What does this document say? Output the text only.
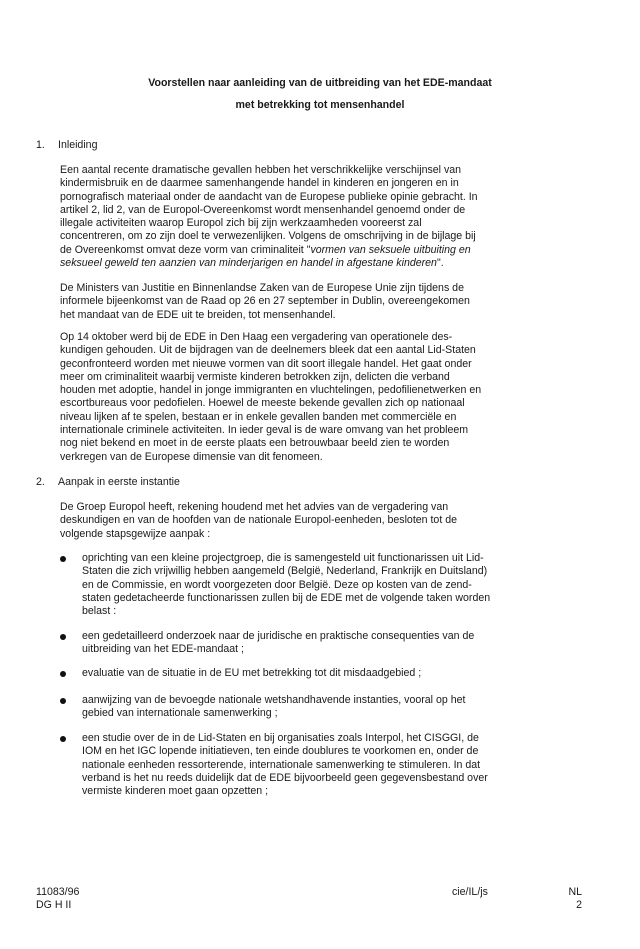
Voorstellen naar aanleiding van de uitbreiding van het EDE-mandaat
met betrekking tot mensenhandel
1. Inleiding
Een aantal recente dramatische gevallen hebben het verschrikkelijke verschijnsel van
kindermisbruik en de daarmee samenhangende handel in kinderen en jongeren en in
pornografisch materiaal onder de aandacht van de Europese publieke opinie gebracht. In
artikel 2, lid 2, van de Europol-Overeenkomst wordt mensenhandel genoemd onder de
illegale activiteiten waarop Europol zich bij zijn werkzaamheden vooreerst zal
concentreren, om zo zijn doel te verwezenlijken. Volgens de omschrijving in de bijlage bij
de Overeenkomst omvat deze vorm van criminaliteit "vormen van seksuele uitbuiting en
seksueel geweld ten aanzien van minderjarigen en handel in afgestane kinderen".
De Ministers van Justitie en Binnenlandse Zaken van de Europese Unie zijn tijdens de
informele bijeenkomst van de Raad op 26 en 27 september in Dublin, overeengekomen
het mandaat van de EDE uit te breiden, tot mensenhandel.
Op 14 oktober werd bij de EDE in Den Haag een vergadering van operationele des-
kundigen gehouden. Uit de bijdragen van de deelnemers bleek dat een aantal Lid-Staten
geconfronteerd worden met nieuwe vormen van dit soort illegale handel. Het gaat onder
meer om criminaliteit waarbij vermiste kinderen betrokken zijn, delicten die verband
houden met adoptie, handel in jonge immigranten en vluchtelingen, pedofilienetwerken en
escortbureaus voor pedofielen. Hoewel de meeste bekende gevallen zich op nationaal
niveau lijken af te spelen, bestaan er in enkele gevallen banden met commerciële en
internationale criminele activiteiten. In ieder geval is de ware omvang van het probleem
nog niet bekend en moet in de eerste plaats een betrouwbaar beeld zien te worden
verkregen van de Europese dimensie van dit fenomeen.
2. Aanpak in eerste instantie
De Groep Europol heeft, rekening houdend met het advies van de vergadering van
deskundigen en van de hoofden van de nationale Europol-eenheden, besloten tot de
volgende stapsgewijze aanpak :
oprichting van een kleine projectgroep, die is samengesteld uit functionarissen uit Lid-
Staten die zich vrijwillig hebben aangemeld (België, Nederland, Frankrijk en Duitsland)
en de Commissie, en wordt voorgezeten door België. Deze op kosten van de zend-
staten gedetacheerde functionarissen zullen bij de EDE met de volgende taken worden
belast :
een gedetailleerd onderzoek naar de juridische en praktische consequenties van de
uitbreiding van het EDE-mandaat ;
evaluatie van de situatie in de EU met betrekking tot dit misdaadgebied ;
aanwijzing van de bevoegde nationale wetshandhavende instanties, vooral op het
gebied van internationale samenwerking ;
een studie over de in de Lid-Staten en bij organisaties zoals Interpol, het CISGGI, de
IOM en het IGC lopende initiatieven, ten einde doublures te voorkomen en, onder de
nationale eenheden ressorterende, internationale samenwerking te stimuleren. In dat
verband is het nu reeds duidelijk dat de EDE bijvoorbeeld geen gegevensbestand over
vermiste kinderen moet gaan opzetten ;
11083/96
DG H II
cie/IL/js	NL
2
